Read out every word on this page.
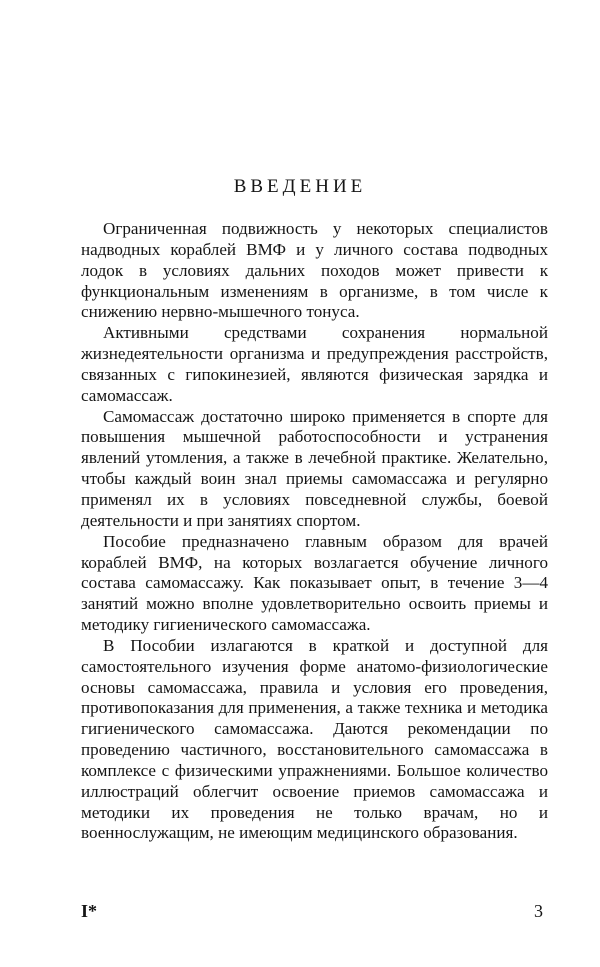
ВВЕДЕНИЕ

Ограниченная подвижность у некоторых специалистов надводных кораблей ВМФ и у личного состава подводных лодок в условиях дальних походов может привести к функциональным изменениям в организме, в том числе к снижению нервно-мышечного тонуса.

Активными средствами сохранения нормальной жизнедеятельности организма и предупреждения расстройств, связанных с гипокинезией, являются физическая зарядка и самомассаж.

Самомассаж достаточно широко применяется в спорте для повышения мышечной работоспособности и устранения явлений утомления, а также в лечебной практике. Желательно, чтобы каждый воин знал приемы самомассажа и регулярно применял их в условиях повседневной службы, боевой деятельности и при занятиях спортом.

Пособие предназначено главным образом для врачей кораблей ВМФ, на которых возлагается обучение личного состава самомассажу. Как показывает опыт, в течение 3—4 занятий можно вполне удовлетворительно освоить приемы и методику гигиенического самомассажа.

В Пособии излагаются в краткой и доступной для самостоятельного изучения форме анатомо-физиологические основы самомассажа, правила и условия его проведения, противопоказания для применения, а также техника и методика гигиенического самомассажа. Даются рекомендации по проведению частичного, восстановительного самомассажа в комплексе с физическими упражнениями. Большое количество иллюстраций облегчит освоение приемов самомассажа и методики их проведения не только врачам, но и военнослужащим, не имеющим медицинского образования.

I*	3
